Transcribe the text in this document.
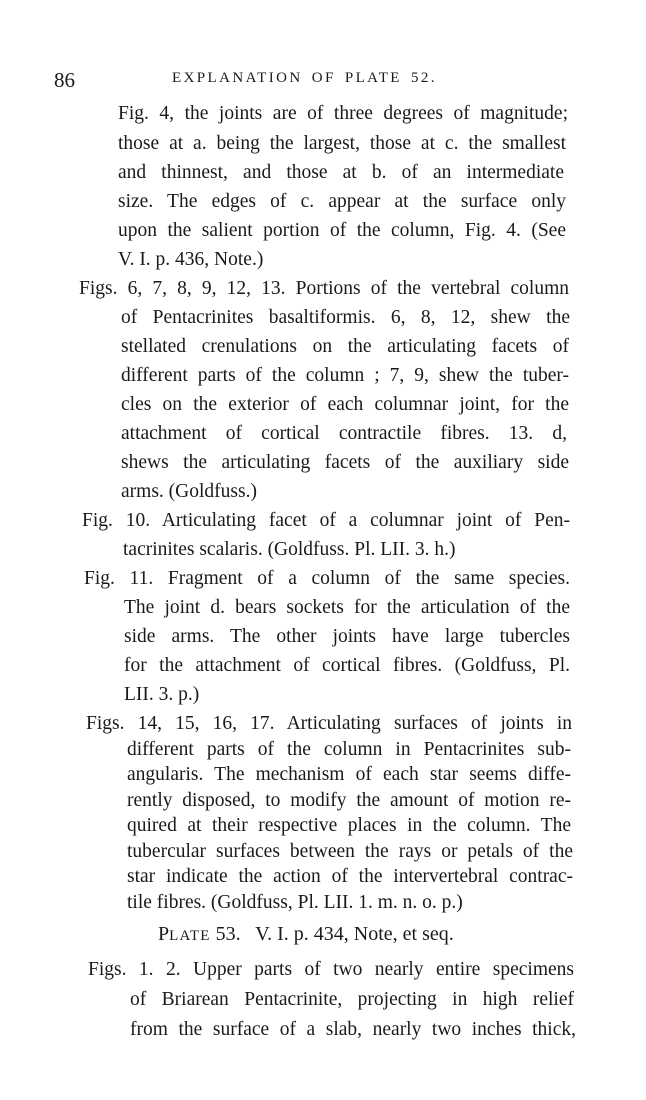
86	EXPLANATION OF PLATE 52.
Fig. 4, the joints are of three degrees of magnitude;
those at a. being the largest, those at c. the smallest
and thinnest, and those at b. of an intermediate
size. The edges of c. appear at the surface only
upon the salient portion of the column, Fig. 4. (See
V. I. p. 436, Note.)
Figs. 6, 7, 8, 9, 12, 13. Portions of the vertebral column
of Pentacrinites basaltiformis. 6, 8, 12, shew the
stellated crenulations on the articulating facets of
different parts of the column ; 7, 9, shew the tuber-
cles on the exterior of each columnar joint, for the
attachment of cortical contractile fibres. 13. d,
shews the articulating facets of the auxiliary side
arms. (Goldfuss.)
Fig. 10. Articulating facet of a columnar joint of Pen-
tacrinites scalaris. (Goldfuss. Pl. LII. 3. h.)
Fig. 11. Fragment of a column of the same species.
The joint d. bears sockets for the articulation of the
side arms. The other joints have large tubercles
for the attachment of cortical fibres. (Goldfuss, Pl.
LII. 3. p.)
Figs. 14, 15, 16, 17. Articulating surfaces of joints in
different parts of the column in Pentacrinites sub-
angularis. The mechanism of each star seems diffe-
rently disposed, to modify the amount of motion re-
quired at their respective places in the column. The
tubercular surfaces between the rays or petals of the
star indicate the action of the intervertebral contrac-
PLATE 53.   V. I. p. 434, Note, et seq.
Figs. 1. 2. Upper parts of two nearly entire specimens
of Briarean Pentacrinite, projecting in high relief
from the surface of a slab, nearly two inches thick,
tile fibres. (Goldfuss, Pl. LII. 1. m. n. o. p.)
